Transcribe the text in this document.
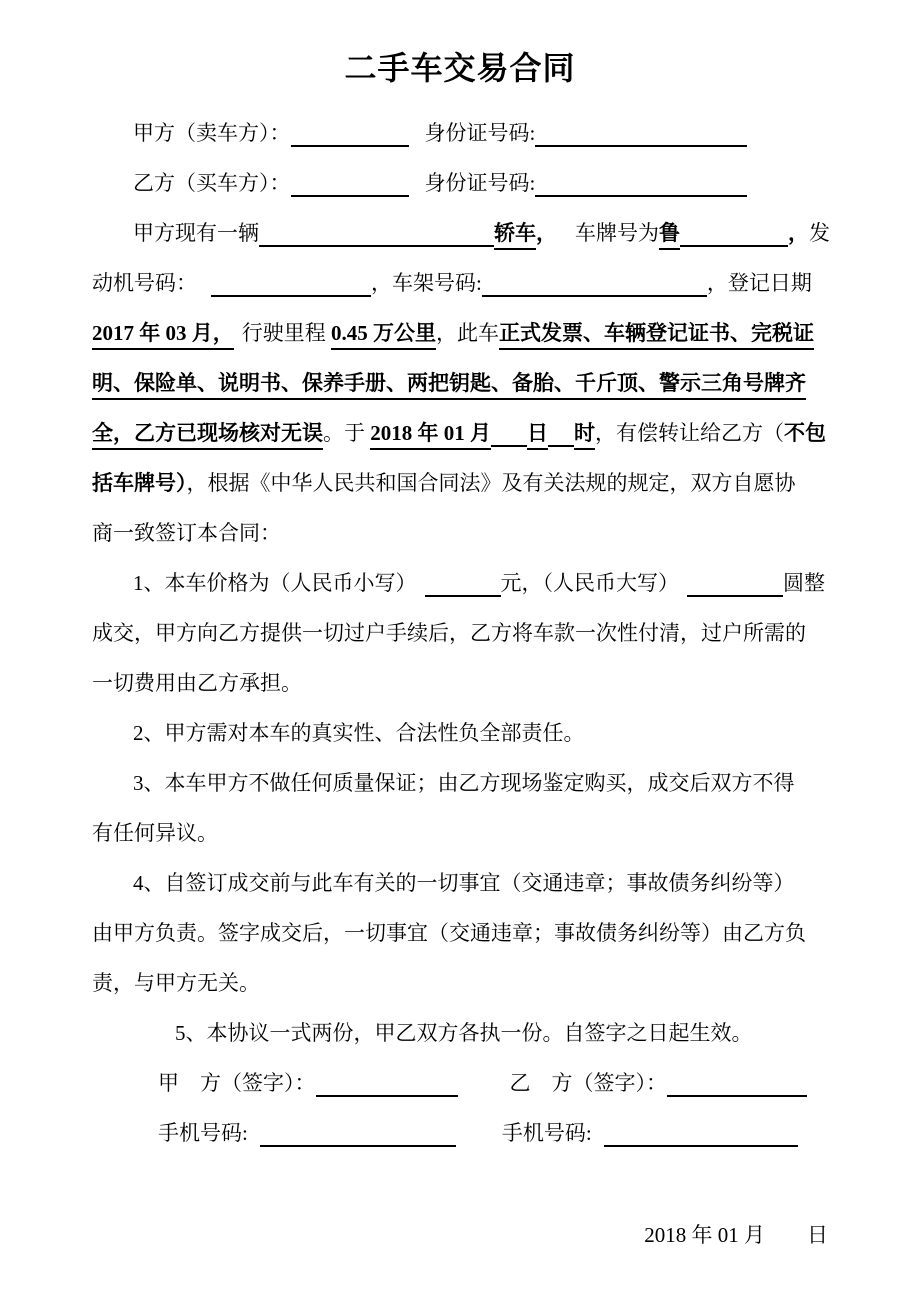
二手车交易合同
甲方（卖车方）：	身份证号码:
乙方（买车方）：	身份证号码:
甲方现有一辆	轿车， 车牌号为鲁	，发
动机号码：	，车架号码:	，登记日期
2017 年 03 月， 行驶里程 0.45 万公里，此车正式发票、车辆登记证书、完税证
明、保险单、说明书、保养手册、两把钥匙、备胎、千斤顶、警示三角号牌齐
全，乙方已现场核对无误。于 2018 年 01 月 日 时，有偿转让给乙方（不包
括车牌号），根据《中华人民共和国合同法》及有关法规的规定，双方自愿协
商一致签订本合同：
1、本车价格为（人民币小写）	元，（人民币大写）	圆整
成交，甲方向乙方提供一切过户手续后，乙方将车款一次性付清，过户所需的
一切费用由乙方承担。
2、甲方需对本车的真实性、合法性负全部责任。
3、本车甲方不做任何质量保证；由乙方现场鉴定购买，成交后双方不得
有任何异议。
4、自签订成交前与此车有关的一切事宜（交通违章；事故债务纠纷等）
由甲方负责。签字成交后，一切事宜（交通违章；事故债务纠纷等）由乙方负
责，与甲方无关。
5、本协议一式两份，甲乙双方各执一份。自签字之日起生效。
甲　方（签字）：	乙　方（签字）：
手机号码:	手机号码:
2018 年 01 月 日
